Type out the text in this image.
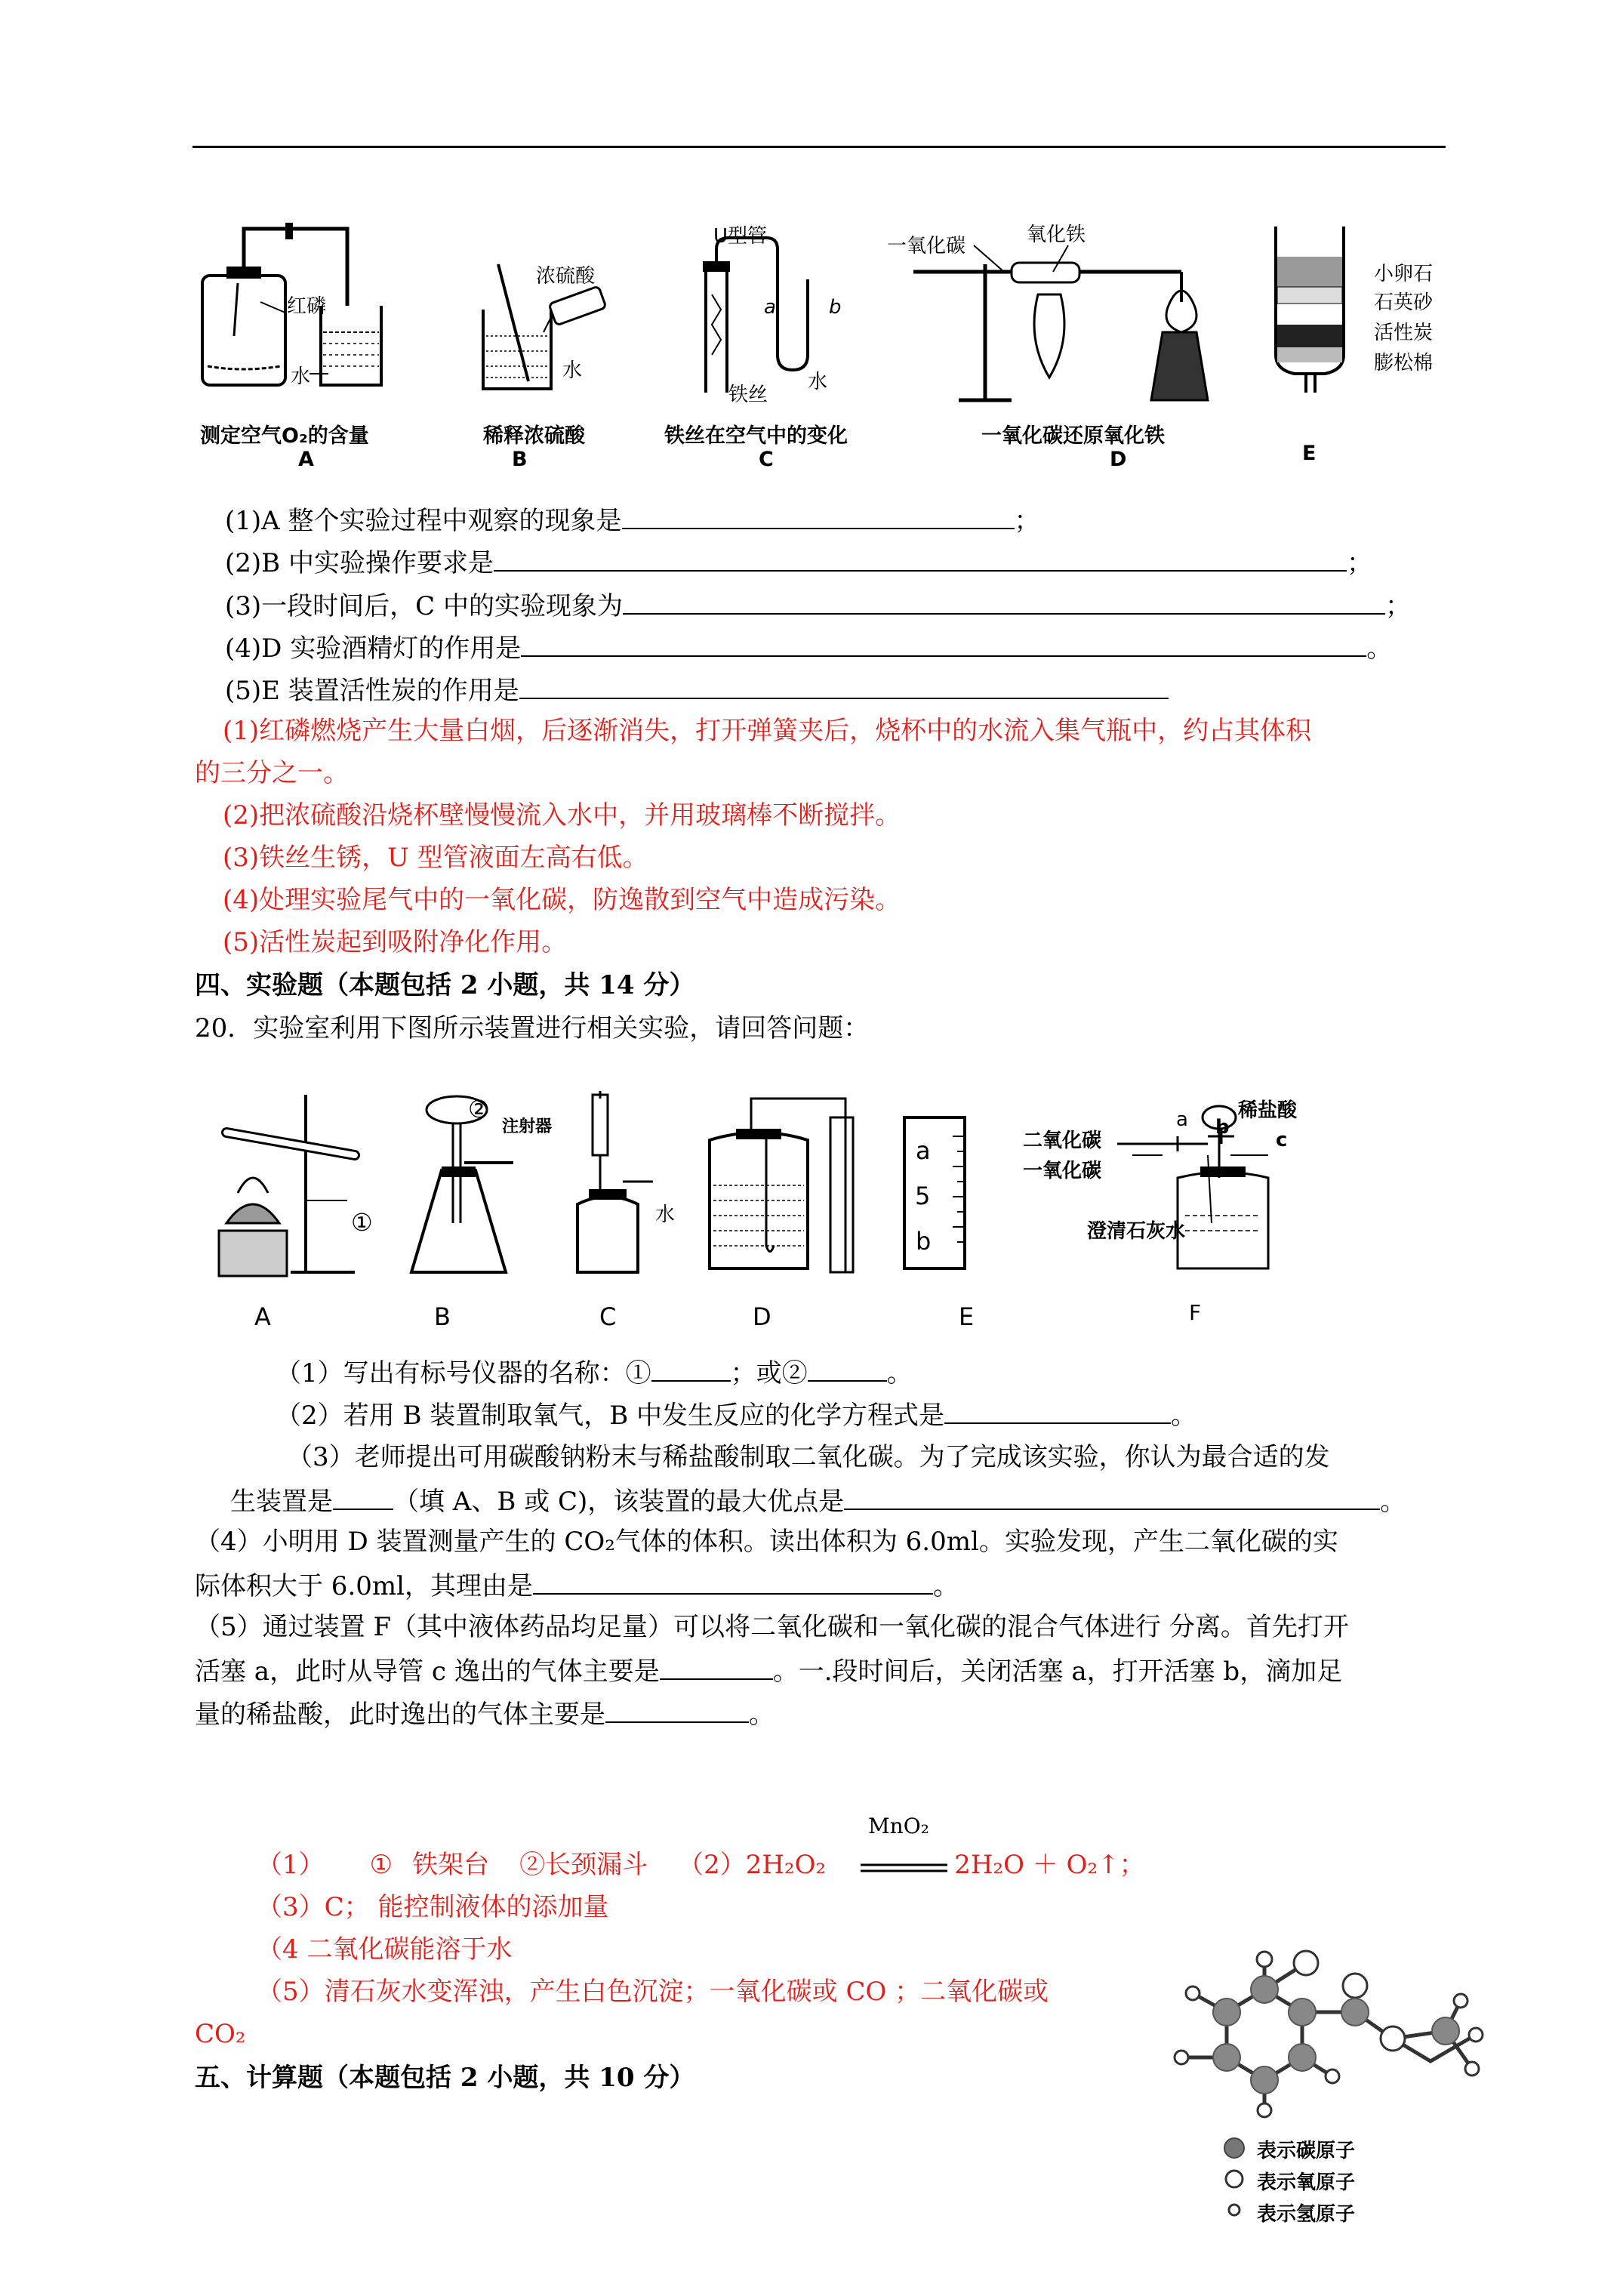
红磷
水
浓硫酸
水
U型管
a	b
铁丝
水
一氧化碳	氧化铁
小卵石
石英砂
活性炭
膨松棉
测定空气O₂的含量	稀释浓硫酸	铁丝在空气中的变化	一氧化碳还原氧化铁
A	B	C	D	E
(1)A 整个实验过程中观察的现象是	；
(2)B 中实验操作要求是	；
(3)一段时间后，C 中的实验现象为	；
(4)D 实验酒精灯的作用是	。
(5)E 装置活性炭的作用是
(1)红磷燃烧产生大量白烟，后逐渐消失，打开弹簧夹后，烧杯中的水流入集气瓶中，约占其体积
的三分之一。
(2)把浓硫酸沿烧杯壁慢慢流入水中，并用玻璃棒不断搅拌。
(3)铁丝生锈，U 型管液面左高右低。
(4)处理实验尾气中的一氧化碳，防逸散到空气中造成污染。
(5)活性炭起到吸附净化作用。
四、实验题（本题包括 2 小题，共 14 分）
20．实验室利用下图所示装置进行相关实验，请回答问题：
①
②
注射器
水
a
5
b
二氧化碳
一氧化碳
稀盐酸
a b
c
澄清石灰水
A	B	C	D	E	F
（1）写出有标号仪器的名称：①	；或②	。
（2）若用 B 装置制取氧气，B 中发生反应的化学方程式是	。
（3）老师提出可用碳酸钠粉末与稀盐酸制取二氧化碳。为了完成该实验，你认为最合适的发
生装置是 （填 A、B 或 C)，该装置的最大优点是	。
（4）小明用 D 装置测量产生的 CO₂气体的体积。读出体积为 6.0ml。实验发现，产生二氧化碳的实
际体积大于 6.0ml，其理由是	。
（5）通过装置 F（其中液体药品均足量）可以将二氧化碳和一氧化碳的混合气体进行 分离。首先打开
活塞 a，此时从导管 c 逸出的气体主要是	。一.段时间后，关闭活塞 a，打开活塞 b，滴加足
量的稀盐酸，此时逸出的气体主要是	。
MnO₂
（1） ① 铁架台 ②长颈漏斗 （2）2H₂O₂	2H₂O ＋ O₂↑；
（3）C； 能控制液体的添加量
（4 二氧化碳能溶于水
（5）清石灰水变浑浊，产生白色沉淀；一氧化碳或 CO ；二氧化碳或
CO₂
五、计算题（本题包括 2 小题，共 10 分）
表示碳原子
表示氧原子
表示氢原子
